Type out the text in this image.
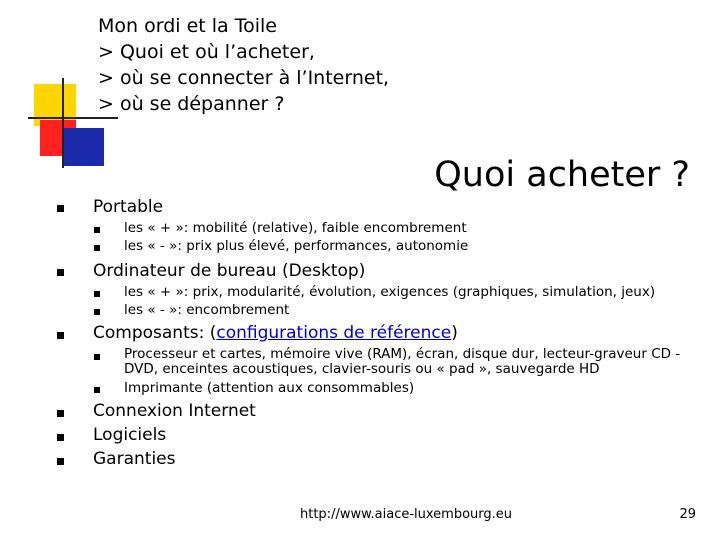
Mon ordi et la Toile
> Quoi et où l’acheter,
> où se connecter à l’Internet,
> où se dépanner ?
Quoi acheter ?
Portable
les « + »: mobilité (relative), faible encombrement
les « - »: prix plus élevé, performances, autonomie
Ordinateur de bureau (Desktop)
les « + »: prix, modularité, évolution, exigences (graphiques, simulation, jeux)
les « - »: encombrement
Composants: (configurations de référence)
Processeur et cartes, mémoire vive (RAM), écran, disque dur, lecteur-graveur CD -DVD, enceintes acoustiques, clavier-souris ou « pad », sauvegarde HD
Imprimante (attention aux consommables)
Connexion Internet
Logiciels
Garanties
http://www.aiace-luxembourg.eu	29
